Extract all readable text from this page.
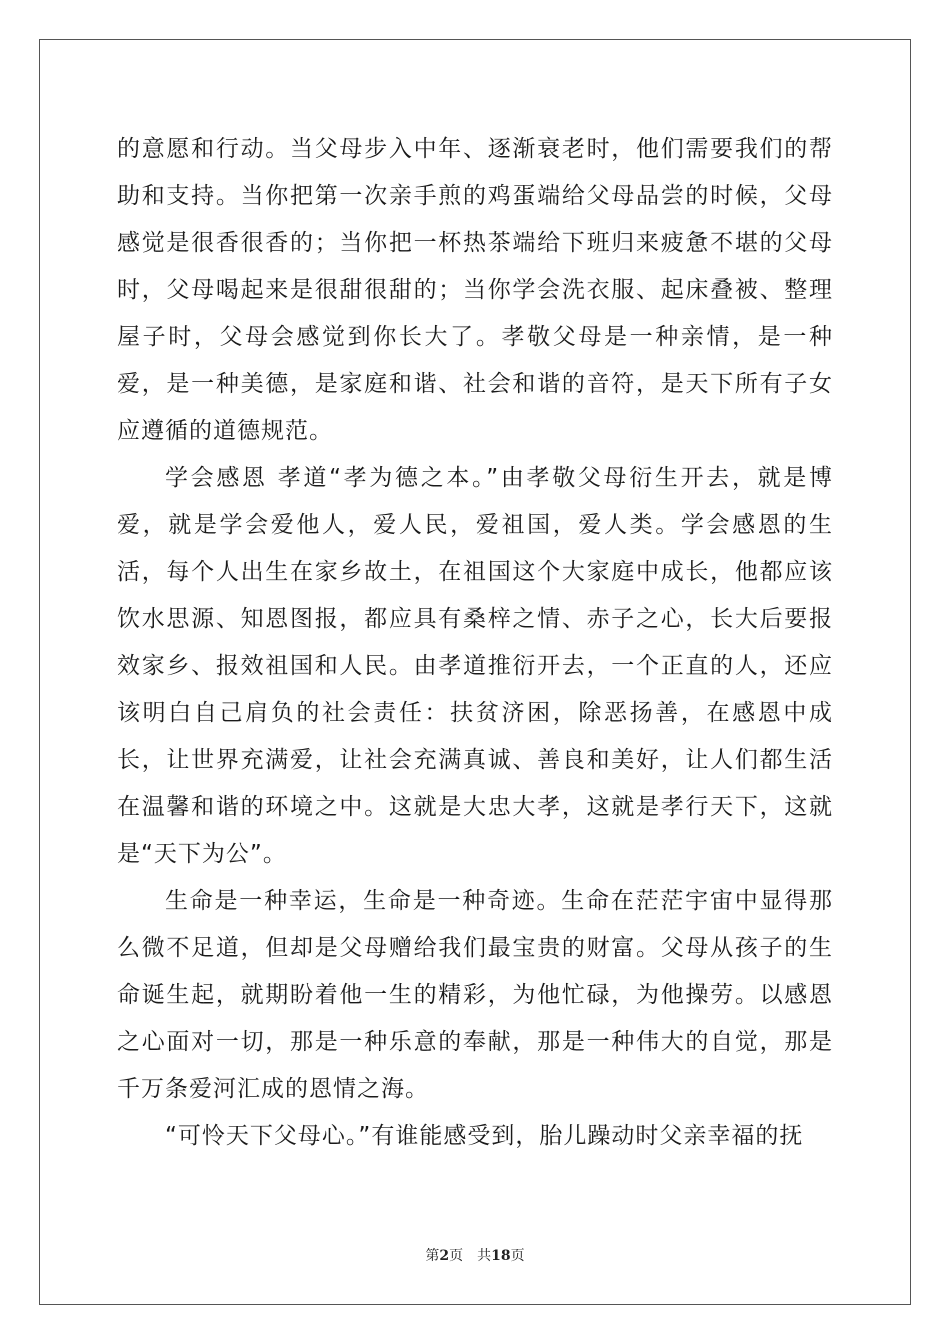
的意愿和行动。当父母步入中年、逐渐衰老时，他们需要我们的帮助和支持。当你把第一次亲手煎的鸡蛋端给父母品尝的时候，父母感觉是很香很香的；当你把一杯热茶端给下班归来疲惫不堪的父母时，父母喝起来是很甜很甜的；当你学会洗衣服、起床叠被、整理屋子时，父母会感觉到你长大了。孝敬父母是一种亲情，是一种爱，是一种美德，是家庭和谐、社会和谐的音符，是天下所有子女应遵循的道德规范。

学会感恩 孝道“孝为德之本。”由孝敬父母衍生开去，就是博爱，就是学会爱他人，爱人民，爱祖国，爱人类。学会感恩的生活，每个人出生在家乡故土，在祖国这个大家庭中成长，他都应该饮水思源、知恩图报，都应具有桑梓之情、赤子之心，长大后要报效家乡、报效祖国和人民。由孝道推衍开去，一个正直的人，还应该明白自己肩负的社会责任：扶贫济困，除恶扬善，在感恩中成长，让世界充满爱，让社会充满真诚、善良和美好，让人们都生活在温馨和谐的环境之中。这就是大忠大孝，这就是孝行天下，这就是“天下为公”。

生命是一种幸运，生命是一种奇迹。生命在茫茫宇宙中显得那么微不足道，但却是父母赠给我们最宝贵的财富。父母从孩子的生命诞生起，就期盼着他一生的精彩，为他忙碌，为他操劳。以感恩之心面对一切，那是一种乐意的奉献，那是一种伟大的自觉，那是千万条爱河汇成的恩情之海。

“可怜天下父母心。”有谁能感受到，胎儿躁动时父亲幸福的抚

第2页 共18页
